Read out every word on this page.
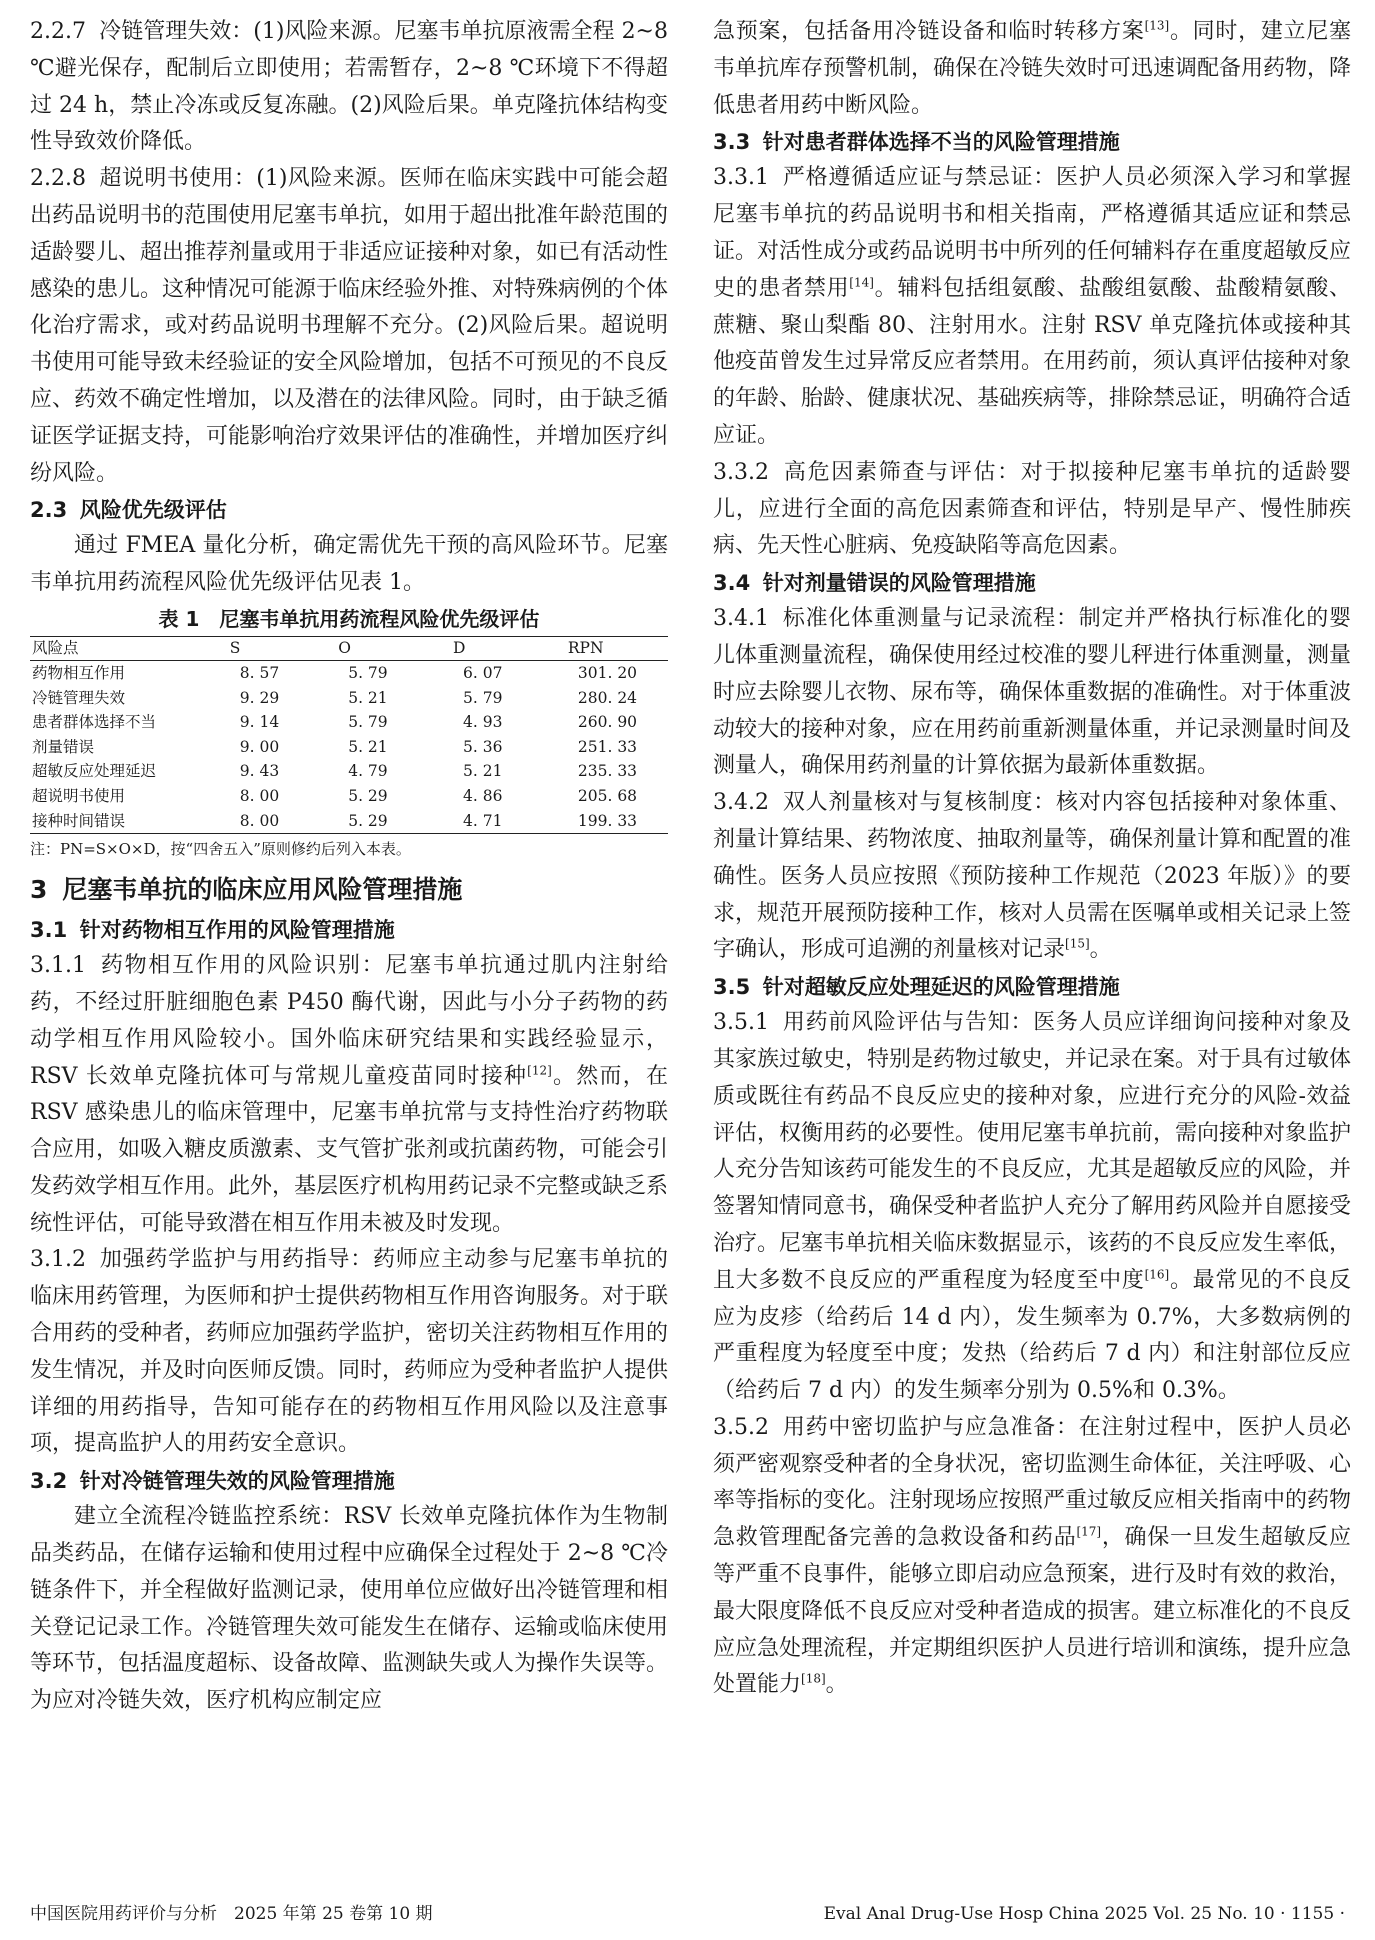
2.2.7 冷链管理失效：(1)风险来源。尼塞韦单抗原液需全程 2~8 ℃避光保存，配制后立即使用；若需暂存，2~8 ℃环境下不得超过 24 h，禁止冷冻或反复冻融。(2)风险后果。单克隆抗体结构变性导致效价降低。

2.2.8 超说明书使用：(1)风险来源。医师在临床实践中可能会超出药品说明书的范围使用尼塞韦单抗，如用于超出批准年龄范围的适龄婴儿、超出推荐剂量或用于非适应证接种对象，如已有活动性感染的患儿。这种情况可能源于临床经验外推、对特殊病例的个体化治疗需求，或对药品说明书理解不充分。(2)风险后果。超说明书使用可能导致未经验证的安全风险增加，包括不可预见的不良反应、药效不确定性增加，以及潜在的法律风险。同时，由于缺乏循证医学证据支持，可能影响治疗效果评估的准确性，并增加医疗纠纷风险。

2.3 风险优先级评估

通过 FMEA 量化分析，确定需优先干预的高风险环节。尼塞韦单抗用药流程风险优先级评估见表 1。

表 1　尼塞韦单抗用药流程风险优先级评估
风险点	S	O	D	RPN
药物相互作用	8. 57	5. 79	6. 07	301. 20
冷链管理失效	9. 29	5. 21	5. 79	280. 24
患者群体选择不当	9. 14	5. 79	4. 93	260. 90
剂量错误	9. 00	5. 21	5. 36	251. 33
超敏反应处理延迟	9. 43	4. 79	5. 21	235. 33
超说明书使用	8. 00	5. 29	4. 86	205. 68
接种时间错误	8. 00	5. 29	4. 71	199. 33

注：PN=S×O×D，按“四舍五入”原则修约后列入本表。

3 尼塞韦单抗的临床应用风险管理措施
3.1 针对药物相互作用的风险管理措施

3.1.1 药物相互作用的风险识别：尼塞韦单抗通过肌内注射给药，不经过肝脏细胞色素 P450 酶代谢，因此与小分子药物的药动学相互作用风险较小。国外临床研究结果和实践经验显示，RSV 长效单克隆抗体可与常规儿童疫苗同时接种[12]。然而，在 RSV 感染患儿的临床管理中，尼塞韦单抗常与支持性治疗药物联合应用，如吸入糖皮质激素、支气管扩张剂或抗菌药物，可能会引发药效学相互作用。此外，基层医疗机构用药记录不完整或缺乏系统性评估，可能导致潜在相互作用未被及时发现。

3.1.2 加强药学监护与用药指导：药师应主动参与尼塞韦单抗的临床用药管理，为医师和护士提供药物相互作用咨询服务。对于联合用药的受种者，药师应加强药学监护，密切关注药物相互作用的发生情况，并及时向医师反馈。同时，药师应为受种者监护人提供详细的用药指导，告知可能存在的药物相互作用风险以及注意事项，提高监护人的用药安全意识。

3.2 针对冷链管理失效的风险管理措施

建立全流程冷链监控系统：RSV 长效单克隆抗体作为生物制品类药品，在储存运输和使用过程中应确保全过程处于 2~8 ℃冷链条件下，并全程做好监测记录，使用单位应做好出冷链管理和相关登记记录工作。冷链管理失效可能发生在储存、运输或临床使用等环节，包括温度超标、设备故障、监测缺失或人为操作失误等。为应对冷链失效，医疗机构应制定应

急预案，包括备用冷链设备和临时转移方案[13]。同时，建立尼塞韦单抗库存预警机制，确保在冷链失效时可迅速调配备用药物，降低患者用药中断风险。

3.3 针对患者群体选择不当的风险管理措施

3.3.1 严格遵循适应证与禁忌证：医护人员必须深入学习和掌握尼塞韦单抗的药品说明书和相关指南，严格遵循其适应证和禁忌证。对活性成分或药品说明书中所列的任何辅料存在重度超敏反应史的患者禁用[14]。辅料包括组氨酸、盐酸组氨酸、盐酸精氨酸、蔗糖、聚山梨酯 80、注射用水。注射 RSV 单克隆抗体或接种其他疫苗曾发生过异常反应者禁用。在用药前，须认真评估接种对象的年龄、胎龄、健康状况、基础疾病等，排除禁忌证，明确符合适应证。

3.3.2 高危因素筛查与评估：对于拟接种尼塞韦单抗的适龄婴儿，应进行全面的高危因素筛查和评估，特别是早产、慢性肺疾病、先天性心脏病、免疫缺陷等高危因素。

3.4 针对剂量错误的风险管理措施

3.4.1 标准化体重测量与记录流程：制定并严格执行标准化的婴儿体重测量流程，确保使用经过校准的婴儿秤进行体重测量，测量时应去除婴儿衣物、尿布等，确保体重数据的准确性。对于体重波动较大的接种对象，应在用药前重新测量体重，并记录测量时间及测量人，确保用药剂量的计算依据为最新体重数据。

3.4.2 双人剂量核对与复核制度：核对内容包括接种对象体重、剂量计算结果、药物浓度、抽取剂量等，确保剂量计算和配置的准确性。医务人员应按照《预防接种工作规范（2023 年版）》的要求，规范开展预防接种工作，核对人员需在医嘱单或相关记录上签字确认，形成可追溯的剂量核对记录[15]。

3.5 针对超敏反应处理延迟的风险管理措施

3.5.1 用药前风险评估与告知：医务人员应详细询问接种对象及其家族过敏史，特别是药物过敏史，并记录在案。对于具有过敏体质或既往有药品不良反应史的接种对象，应进行充分的风险-效益评估，权衡用药的必要性。使用尼塞韦单抗前，需向接种对象监护人充分告知该药可能发生的不良反应，尤其是超敏反应的风险，并签署知情同意书，确保受种者监护人充分了解用药风险并自愿接受治疗。尼塞韦单抗相关临床数据显示，该药的不良反应发生率低，且大多数不良反应的严重程度为轻度至中度[16]。最常见的不良反应为皮疹（给药后 14 d 内），发生频率为 0.7%，大多数病例的严重程度为轻度至中度；发热（给药后 7 d 内）和注射部位反应（给药后 7 d 内）的发生频率分别为 0.5%和 0.3%。

3.5.2 用药中密切监护与应急准备：在注射过程中，医护人员必须严密观察受种者的全身状况，密切监测生命体征，关注呼吸、心率等指标的变化。注射现场应按照严重过敏反应相关指南中的药物急救管理配备完善的急救设备和药品[17]，确保一旦发生超敏反应等严重不良事件，能够立即启动应急预案，进行及时有效的救治，最大限度降低不良反应对受种者造成的损害。建立标准化的不良反应应急处理流程，并定期组织医护人员进行培训和演练，提升应急处置能力[18]。

中国医院用药评价与分析　2025 年第 25 卷第 10 期	Eval Anal Drug-Use Hosp China 2025 Vol. 25 No. 10 · 1155 ·
